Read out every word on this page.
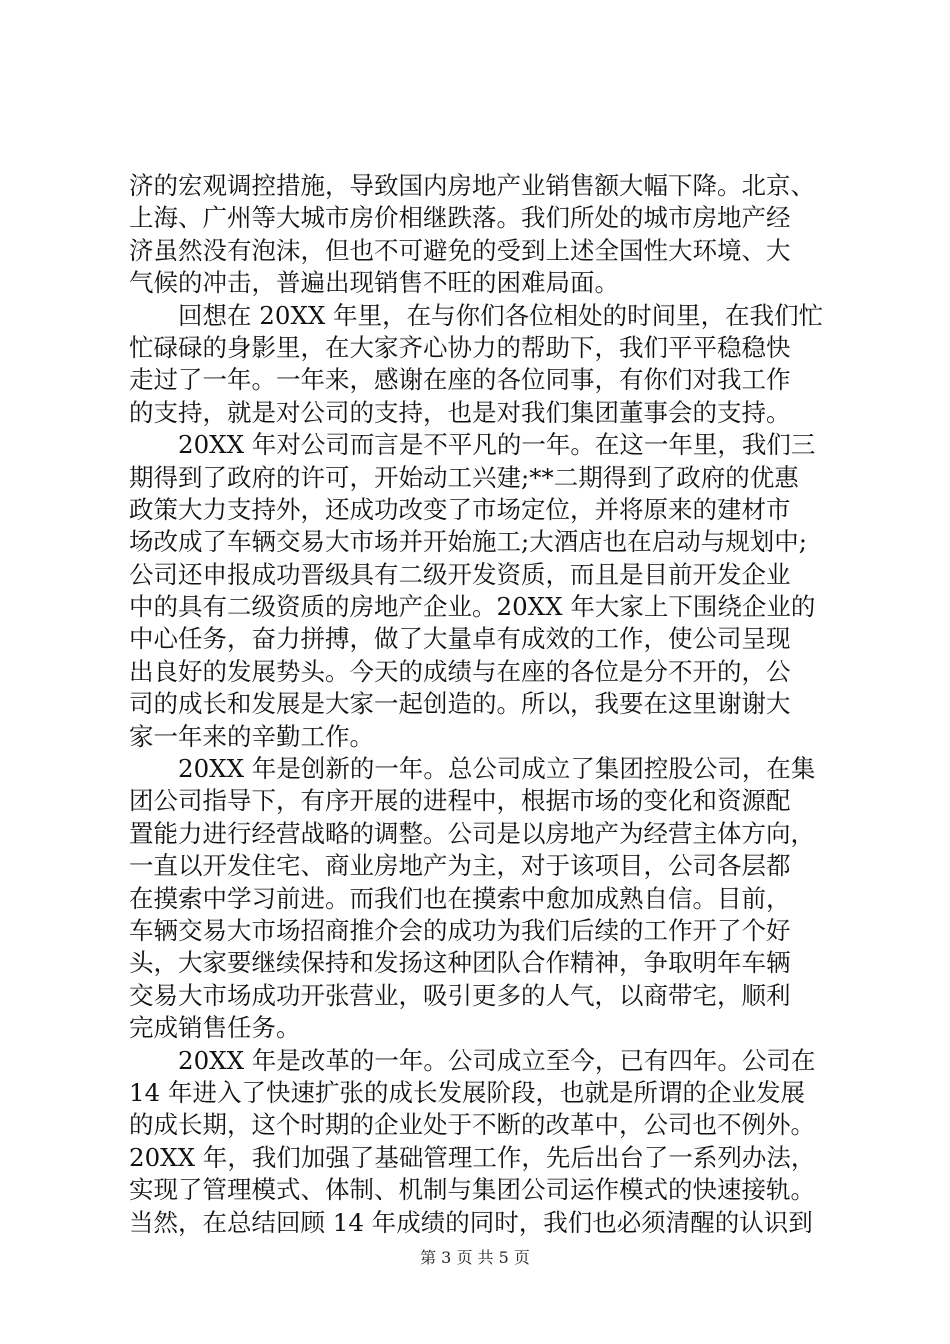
济的宏观调控措施，导致国内房地产业销售额大幅下降。北京、
上海、广州等大城市房价相继跌落。我们所处的城市房地产经
济虽然没有泡沫，但也不可避免的受到上述全国性大环境、大
气候的冲击，普遍出现销售不旺的困难局面。
　　回想在 20XX 年里，在与你们各位相处的时间里，在我们忙
忙碌碌的身影里，在大家齐心协力的帮助下，我们平平稳稳快
走过了一年。一年来，感谢在座的各位同事，有你们对我工作
的支持，就是对公司的支持，也是对我们集团董事会的支持。
　　20XX 年对公司而言是不平凡的一年。在这一年里，我们三
期得到了政府的许可，开始动工兴建;**二期得到了政府的优惠
政策大力支持外，还成功改变了市场定位，并将原来的建材市
场改成了车辆交易大市场并开始施工;大酒店也在启动与规划中;
公司还申报成功晋级具有二级开发资质，而且是目前开发企业
中的具有二级资质的房地产企业。20XX 年大家上下围绕企业的
中心任务，奋力拼搏，做了大量卓有成效的工作，使公司呈现
出良好的发展势头。今天的成绩与在座的各位是分不开的，公
司的成长和发展是大家一起创造的。所以，我要在这里谢谢大
家一年来的辛勤工作。
　　20XX 年是创新的一年。总公司成立了集团控股公司，在集
团公司指导下，有序开展的进程中，根据市场的变化和资源配
置能力进行经营战略的调整。公司是以房地产为经营主体方向，
一直以开发住宅、商业房地产为主，对于该项目，公司各层都
在摸索中学习前进。而我们也在摸索中愈加成熟自信。目前，
车辆交易大市场招商推介会的成功为我们后续的工作开了个好
头，大家要继续保持和发扬这种团队合作精神，争取明年车辆
交易大市场成功开张营业，吸引更多的人气，以商带宅，顺利
完成销售任务。
　　20XX 年是改革的一年。公司成立至今，已有四年。公司在
14 年进入了快速扩张的成长发展阶段，也就是所谓的企业发展
的成长期，这个时期的企业处于不断的改革中，公司也不例外。
20XX 年，我们加强了基础管理工作，先后出台了一系列办法，
实现了管理模式、体制、机制与集团公司运作模式的快速接轨。
当然，在总结回顾 14 年成绩的同时，我们也必须清醒的认识到
第 3 页 共 5 页
